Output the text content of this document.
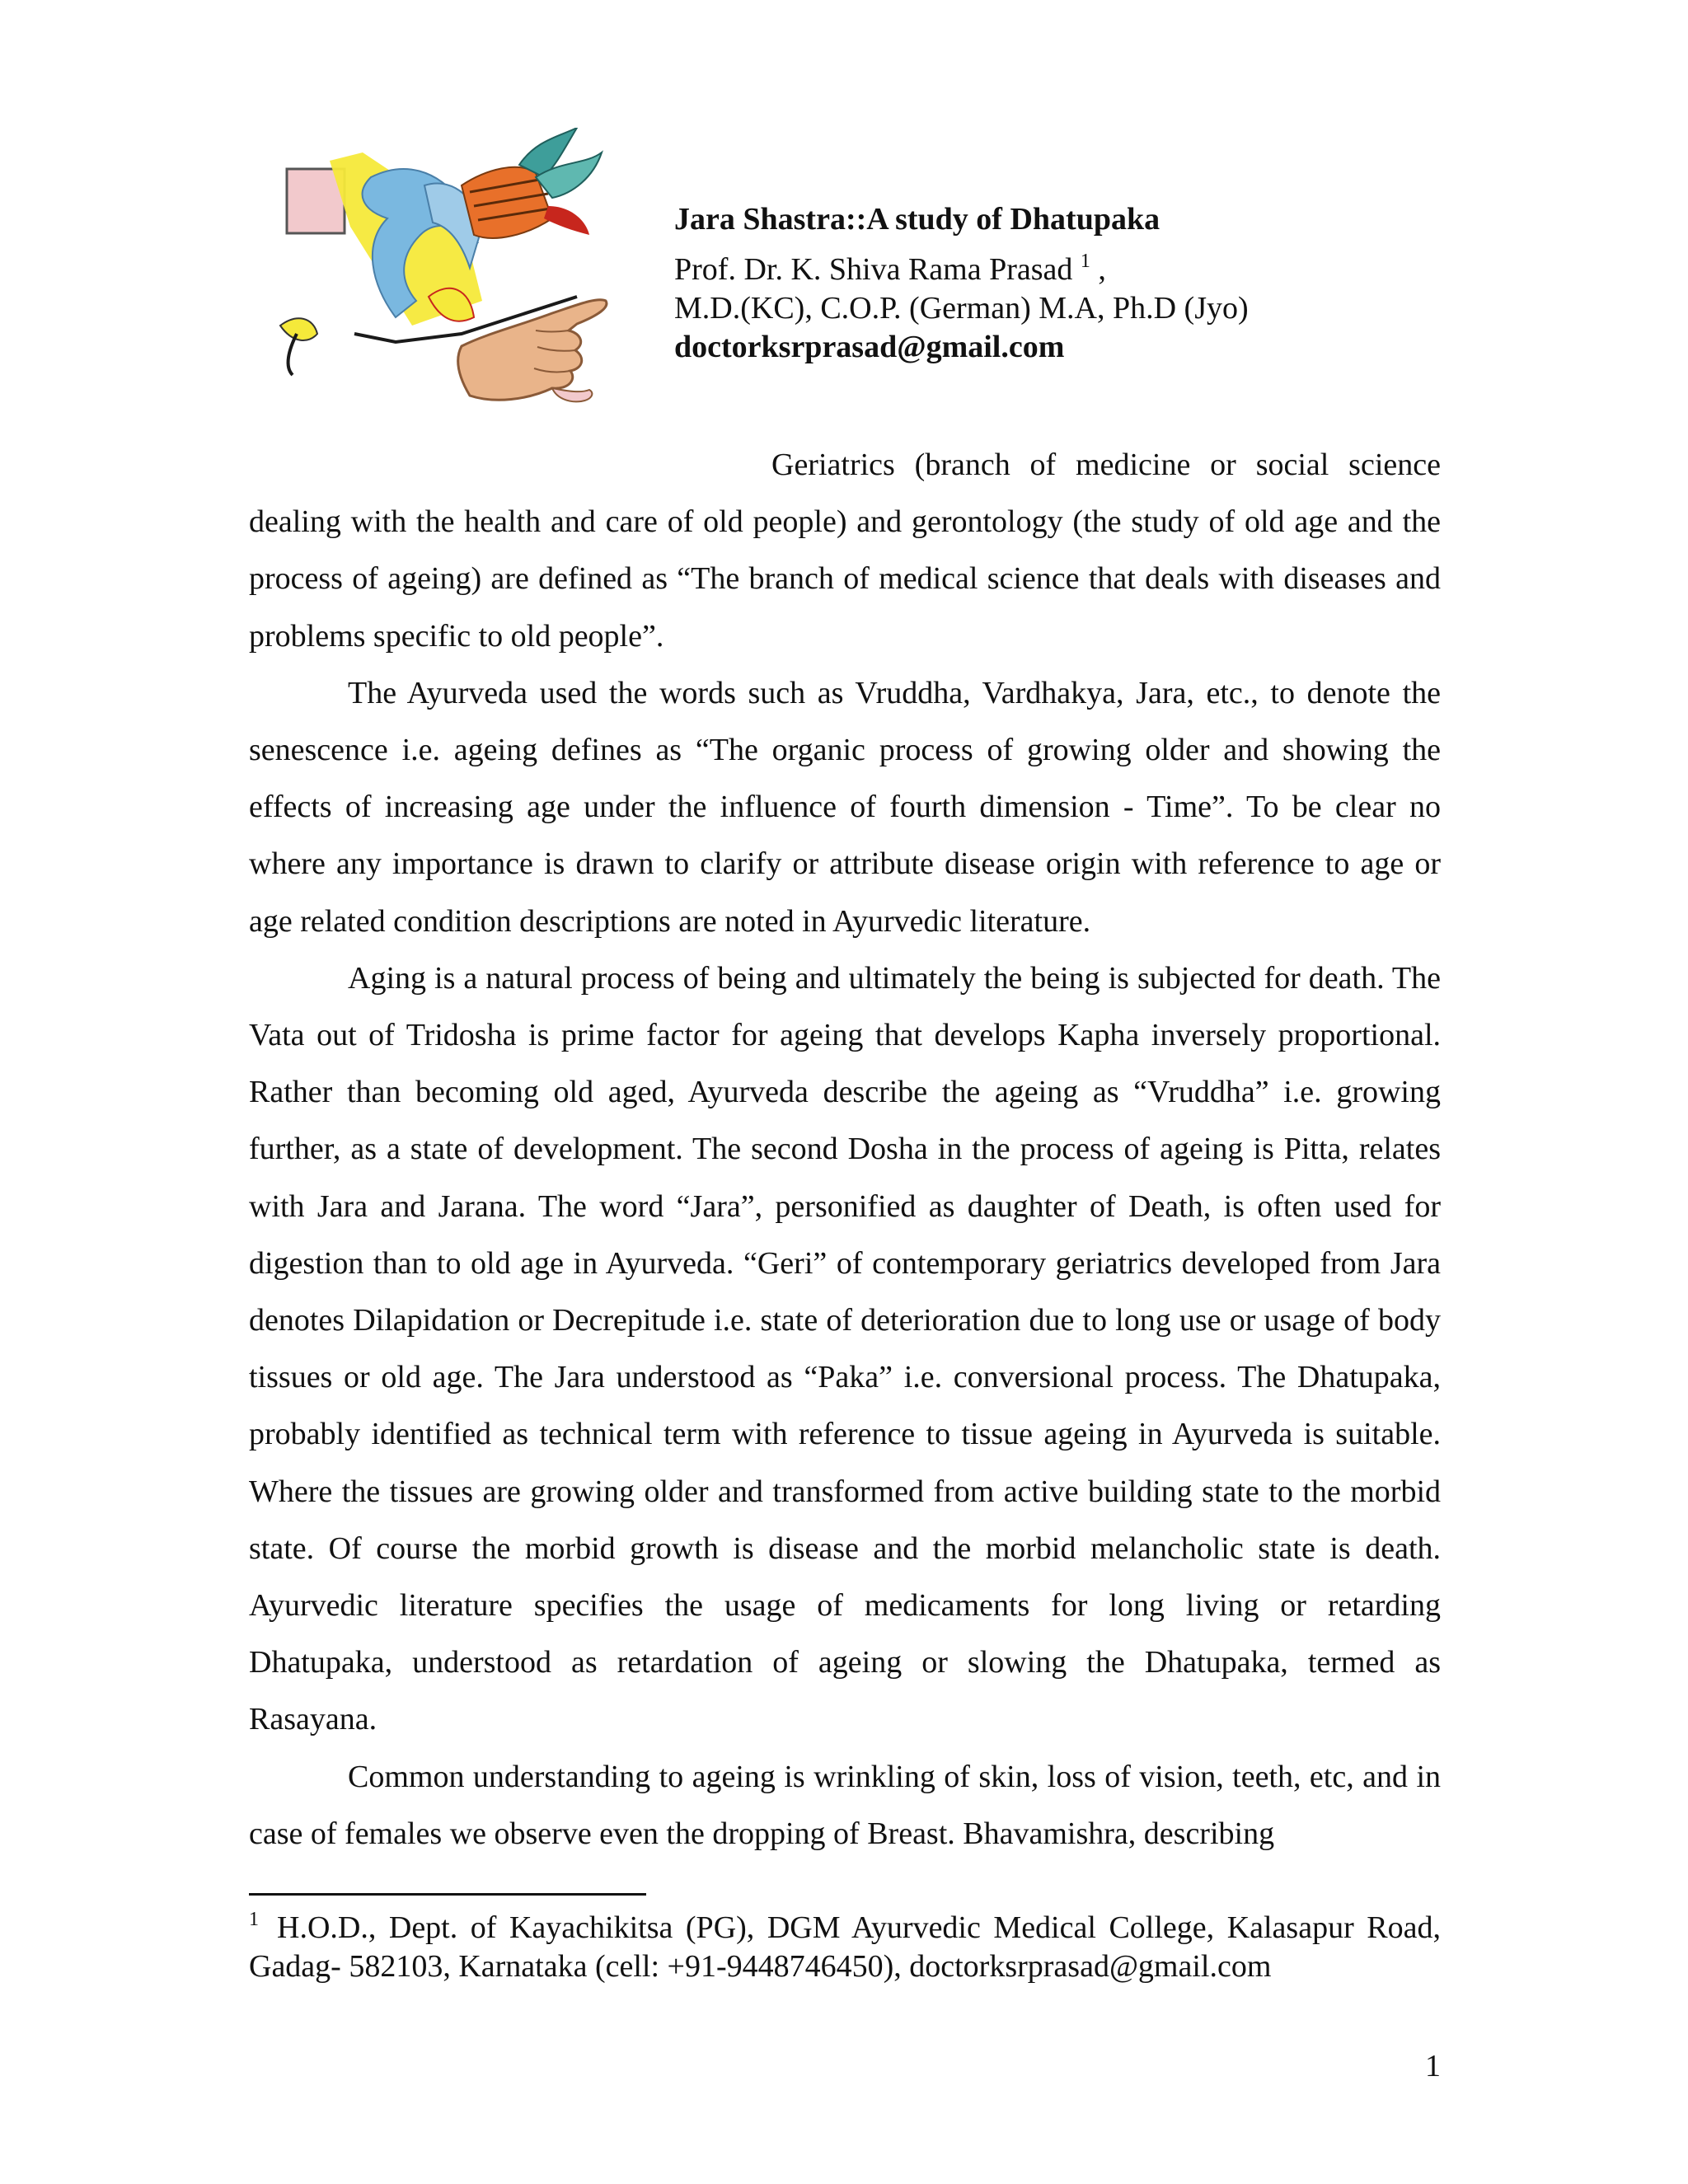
Jara Shastra::A study of Dhatupaka
Prof. Dr. K. Shiva Rama Prasad $^1$ ,
M.D.(KC), C.O.P. (German) M.A, Ph.D (Jyo)
doctorksrprasad@gmail.com

Geriatrics (branch of medicine or social science dealing with the health and care of old people) and gerontology (the study of old age and the process of ageing) are defined as “The branch of medical science that deals with diseases and problems specific to old people”.

The Ayurveda used the words such as Vruddha, Vardhakya, Jara, etc., to denote the senescence i.e. ageing defines as “The organic process of growing older and showing the effects of increasing age under the influence of fourth dimension - Time”. To be clear no where any importance is drawn to clarify or attribute disease origin with reference to age or age related condition descriptions are noted in Ayurvedic literature.

Aging is a natural process of being and ultimately the being is subjected for death. The Vata out of Tridosha is prime factor for ageing that develops Kapha inversely proportional. Rather than becoming old aged, Ayurveda describe the ageing as “Vruddha” i.e. growing further, as a state of development. The second Dosha in the process of ageing is Pitta, relates with Jara and Jarana. The word “Jara”, personified as daughter of Death, is often used for digestion than to old age in Ayurveda. “Geri” of contemporary geriatrics developed from Jara denotes Dilapidation or Decrepitude i.e. state of deterioration due to long use or usage of body tissues or old age. The Jara understood as “Paka” i.e. conversional process. The Dhatupaka, probably identified as technical term with reference to tissue ageing in Ayurveda is suitable. Where the tissues are growing older and transformed from active building state to the morbid state. Of course the morbid growth is disease and the morbid melancholic state is death. Ayurvedic literature specifies the usage of medicaments for long living or retarding Dhatupaka, understood as retardation of ageing or slowing the Dhatupaka, termed as Rasayana.

Common understanding to ageing is wrinkling of skin, loss of vision, teeth, etc, and in case of females we observe even the dropping of Breast. Bhavamishra, describing

$^1$ H.O.D., Dept. of Kayachikitsa (PG), DGM Ayurvedic Medical College, Kalasapur Road, Gadag- 582103, Karnataka (cell: +91-9448746450), doctorksrprasad@gmail.com
1
